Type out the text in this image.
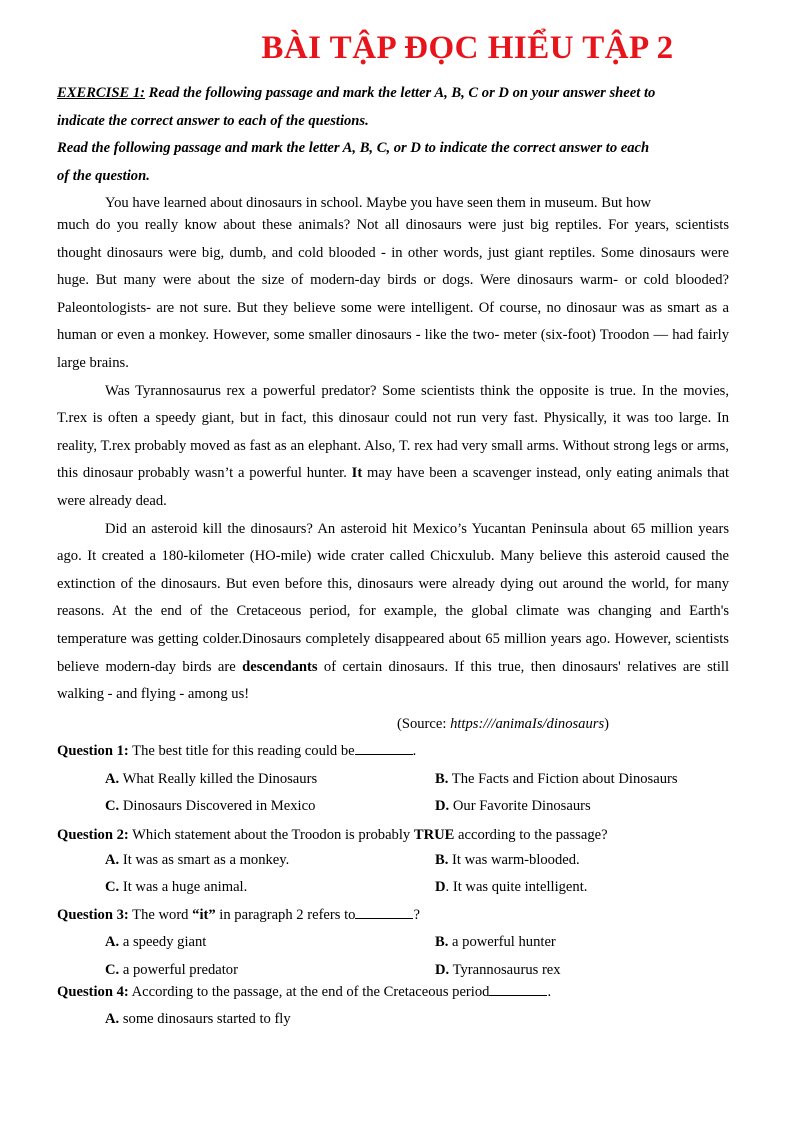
BÀI TẬP ĐỌC HIỂU TẬP 2
EXERCISE 1: Read the following passage and mark the letter A, B, C or D on your answer sheet to
indicate the correct answer to each of the questions.
Read the following passage and mark the letter A, B, C, or D to indicate the correct answer to each
of the question.
You have learned about dinosaurs in school. Maybe you have seen them in museum. But how
much do you really know about these animals? Not all dinosaurs were just big reptiles. For years, scientists thought dinosaurs were big, dumb, and cold blooded - in other words, just giant reptiles. Some dinosaurs were huge. But many were about the size of modern-day birds or dogs. Were dinosaurs warm- or cold blooded? Paleontologists- are not sure. But they believe some were intelligent. Of course, no dinosaur was as smart as a human or even a monkey. However, some smaller dinosaurs - like the two- meter (six-foot) Troodon — had fairly large brains.
Was Tyrannosaurus rex a powerful predator? Some scientists think the opposite is true. In the movies, T.rex is often a speedy giant, but in fact, this dinosaur could not run very fast. Physically, it was too large. In reality, T.rex probably moved as fast as an elephant. Also, T. rex had very small arms. Without strong legs or arms, this dinosaur probably wasn’t a powerful hunter. It may have been a scavenger instead, only eating animals that were already dead.
Did an asteroid kill the dinosaurs? An asteroid hit Mexico’s Yucantan Peninsula about 65 million years ago. It created a 180-kilometer (HO-mile) wide crater called Chicxulub. Many believe this asteroid caused the extinction of the dinosaurs. But even before this, dinosaurs were already dying out around the world, for many reasons. At the end of the Cretaceous period, for example, the global climate was changing and Earth's temperature was getting colder.Dinosaurs completely disappeared about 65 million years ago. However, scientists believe modern-day birds are descendants of certain dinosaurs. If this true, then dinosaurs' relatives are still walking - and flying - among us!
(Source: https:///animaIs/dinosaurs)
Question 1: The best title for this reading could be	.
A. What Really killed the Dinosaurs	B. The Facts and Fiction about Dinosaurs
C. Dinosaurs Discovered in Mexico	D. Our Favorite Dinosaurs
Question 2: Which statement about the Troodon is probably TRUE according to the passage?
A. It was as smart as a monkey.	B. It was warm-blooded.
C. It was a huge animal.	D. It was quite intelligent.
Question 3: The word “it” in paragraph 2 refers to	?
A. a speedy giant	B. a powerful hunter
C. a powerful predator	D. Tyrannosaurus rex
Question 4: According to the passage, at the end of the Cretaceous period	.
A. some dinosaurs started to fly
